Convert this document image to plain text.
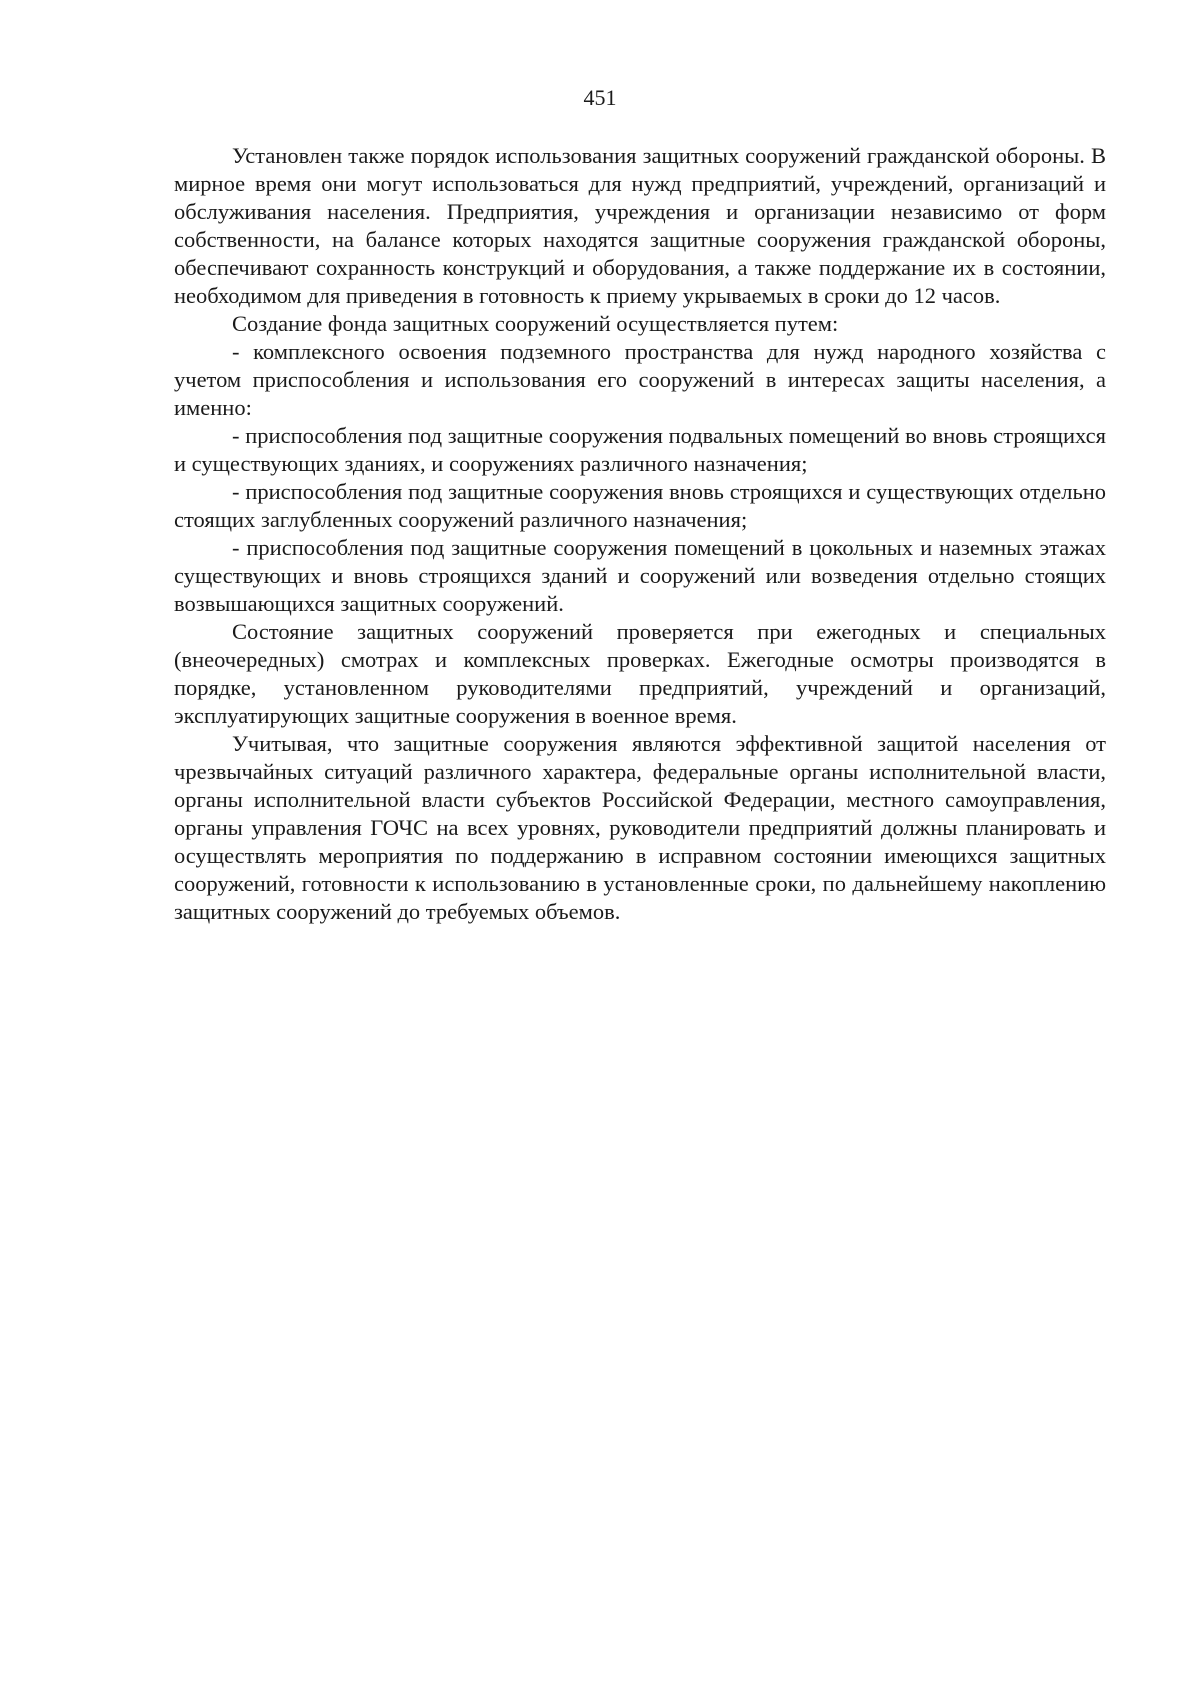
451

Установлен также порядок использования защитных сооружений гражданской обороны. В мирное время они могут использоваться для нужд предприятий, учреждений, организаций и обслуживания населения. Предприятия, учреждения и организации независимо от форм собственности, на балансе которых находятся защитные сооружения гражданской обороны, обеспечивают сохранность конструкций и оборудования, а также поддержание их в состоянии, необходимом для приведения в готовность к приему укрываемых в сроки до 12 часов.

Создание фонда защитных сооружений осуществляется путем:

- комплексного освоения подземного пространства для нужд народного хозяйства с учетом приспособления и использования его сооружений в интересах защиты населения, а именно:

- приспособления под защитные сооружения подвальных помещений во вновь строящихся и существующих зданиях, и сооружениях различного назначения;

- приспособления под защитные сооружения вновь строящихся и существующих отдельно стоящих заглубленных сооружений различного назначения;

- приспособления под защитные сооружения помещений в цокольных и наземных этажах существующих и вновь строящихся зданий и сооружений или возведения отдельно стоящих возвышающихся защитных сооружений.

Состояние защитных сооружений проверяется при ежегодных и специальных (внеочередных) смотрах и комплексных проверках. Ежегодные осмотры производятся в порядке, установленном руководителями предприятий, учреждений и организаций, эксплуатирующих защитные сооружения в военное время.

Учитывая, что защитные сооружения являются эффективной защитой населения от чрезвычайных ситуаций различного характера, федеральные органы исполнительной власти, органы исполнительной власти субъектов Российской Федерации, местного самоуправления, органы управления ГОЧС на всех уровнях, руководители предприятий должны планировать и осуществлять мероприятия по поддержанию в исправном состоянии имеющихся защитных сооружений, готовности к использованию в установленные сроки, по дальнейшему накоплению защитных сооружений до требуемых объемов.
